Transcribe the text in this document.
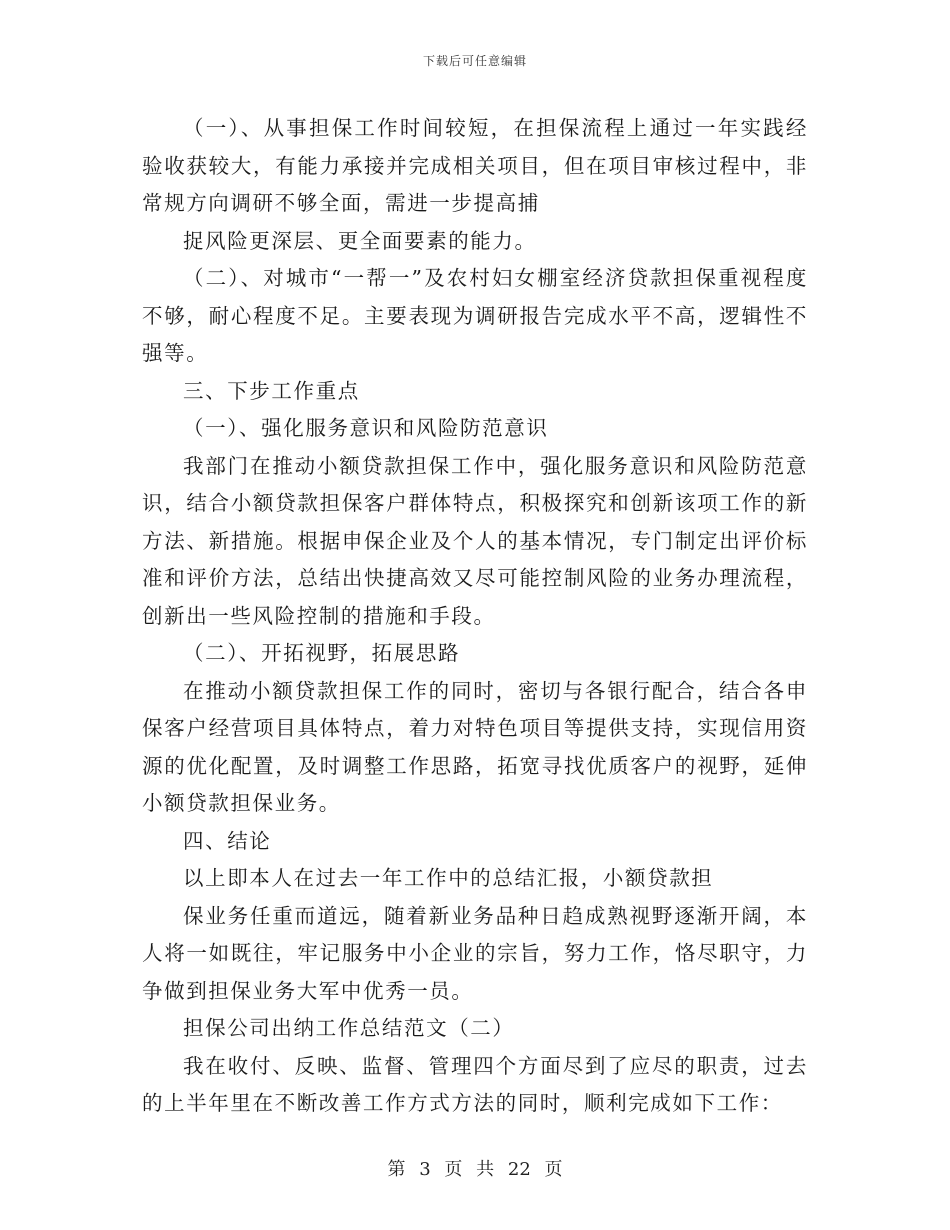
下载后可任意编辑

（一）、从事担保工作时间较短，在担保流程上通过一年实践经验收获较大，有能力承接并完成相关项目，但在项目审核过程中，非常规方向调研不够全面，需进一步提高捕

捉风险更深层、更全面要素的能力。

（二）、对城市“一帮一”及农村妇女棚室经济贷款担保重视程度不够，耐心程度不足。主要表现为调研报告完成水平不高，逻辑性不强等。

三、下步工作重点

（一）、强化服务意识和风险防范意识

我部门在推动小额贷款担保工作中，强化服务意识和风险防范意识，结合小额贷款担保客户群体特点，积极探究和创新该项工作的新方法、新措施。根据申保企业及个人的基本情况，专门制定出评价标准和评价方法，总结出快捷高效又尽可能控制风险的业务办理流程，创新出一些风险控制的措施和手段。

（二）、开拓视野，拓展思路

在推动小额贷款担保工作的同时，密切与各银行配合，结合各申保客户经营项目具体特点，着力对特色项目等提供支持，实现信用资源的优化配置，及时调整工作思路，拓宽寻找优质客户的视野，延伸小额贷款担保业务。

四、结论

以上即本人在过去一年工作中的总结汇报，小额贷款担

保业务任重而道远，随着新业务品种日趋成熟视野逐渐开阔，本人将一如既往，牢记服务中小企业的宗旨，努力工作，恪尽职守，力争做到担保业务大军中优秀一员。

担保公司出纳工作总结范文（二）

我在收付、反映、监督、管理四个方面尽到了应尽的职责，过去的上半年里在不断改善工作方式方法的同时，顺利完成如下工作：

第 3 页 共 22 页
